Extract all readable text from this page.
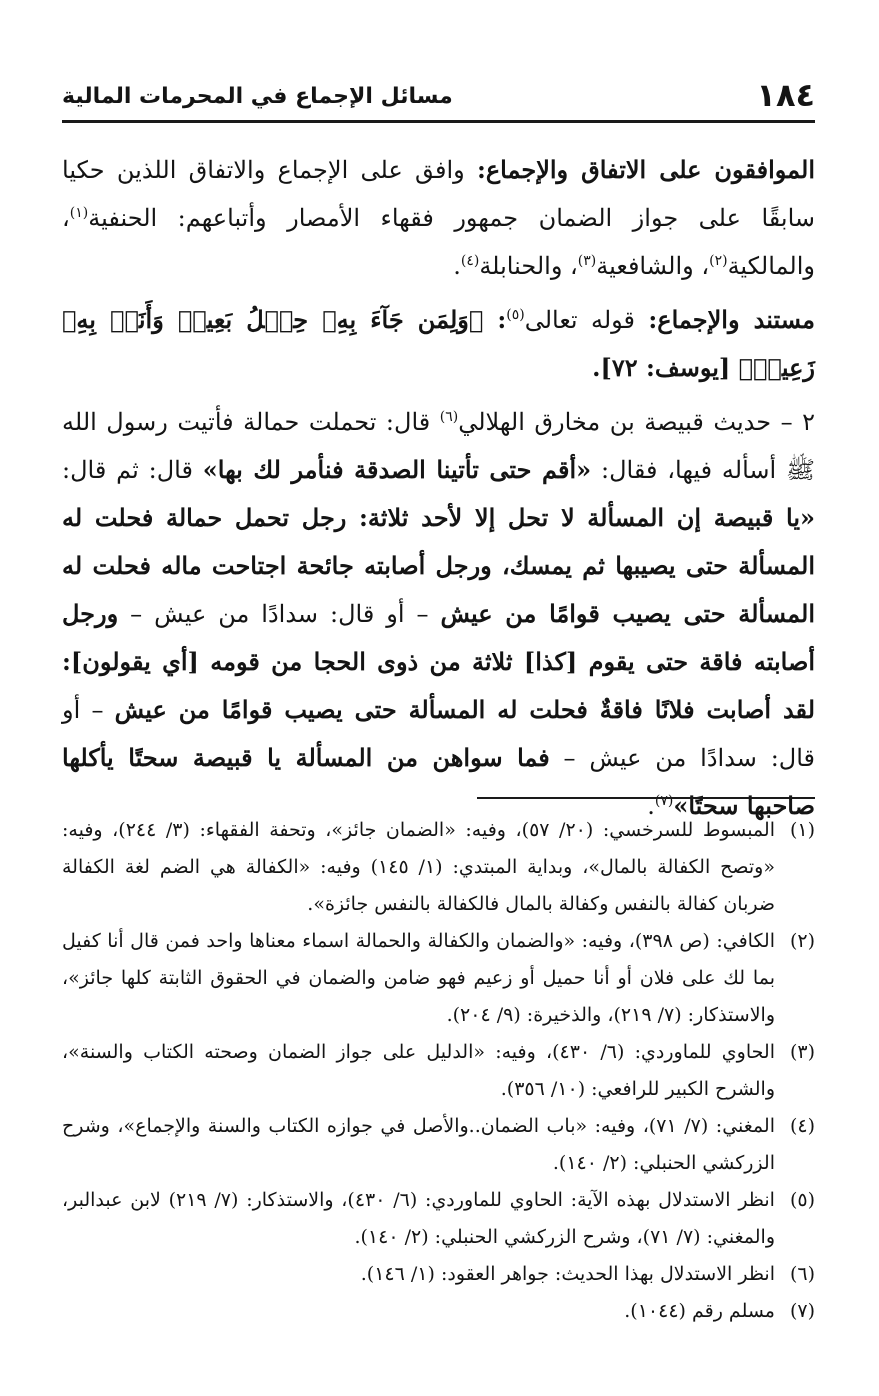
١٨٤
مسائل الإجماع في المحرمات المالية

الموافقون على الاتفاق والإجماع: وافق على الإجماع والاتفاق اللذين حكيا سابقًا على جواز الضمان جمهور فقهاء الأمصار وأتباعهم: الحنفية$^{(١)}$، والمالكية$^{(٢)}$، والشافعية$^{(٣)}$، والحنابلة$^{(٤)}$.

مستند والإجماع: قوله تعالى$^{(٥)}$: ﴿وَلِمَن جَآءَ بِهِۦ حِمۡلُ بَعِيرٖ وَأَنَا۠ بِهِۦ زَعِيمٞ﴾ [يوسف: ٧٢].

٢ – حديث قبيصة بن مخارق الهلالي$^{(٦)}$ قال: تحملت حمالة فأتيت رسول الله ﷺ أسأله فيها، فقال: «أقم حتى تأتينا الصدقة فنأمر لك بها» قال: ثم قال: «يا قبيصة إن المسألة لا تحل إلا لأحد ثلاثة: رجل تحمل حمالة فحلت له المسألة حتى يصيبها ثم يمسك، ورجل أصابته جائحة اجتاحت ماله فحلت له المسألة حتى يصيب قوامًا من عيش – أو قال: سدادًا من عيش – ورجل أصابته فاقة حتى يقوم [كذا] ثلاثة من ذوى الحجا من قومه [أي يقولون]: لقد أصابت فلانًا فاقةٌ فحلت له المسألة حتى يصيب قوامًا من عيش – أو قال: سدادًا من عيش – فما سواهن من المسألة يا قبيصة سحتًا يأكلها صاحبها سحتًا»$^{(٧)}$.

(١)
المبسوط للسرخسي: (٢٠/ ٥٧)، وفيه: «الضمان جائز»، وتحفة الفقهاء: (٣/ ٢٤٤)، وفيه: «وتصح الكفالة بالمال»، وبداية المبتدي: (١/ ١٤٥) وفيه: «الكفالة هي الضم لغة الكفالة ضربان كفالة بالنفس وكفالة بالمال فالكفالة بالنفس جائزة».

(٢)
الكافي: (ص ٣٩٨)، وفيه: «والضمان والكفالة والحمالة اسماء معناها واحد فمن قال أنا كفيل بما لك على فلان أو أنا حميل أو زعيم فهو ضامن والضمان في الحقوق الثابتة كلها جائز»، والاستذكار: (٧/ ٢١٩)، والذخيرة: (٩/ ٢٠٤).

(٣)
الحاوي للماوردي: (٦/ ٤٣٠)، وفيه: «الدليل على جواز الضمان وصحته الكتاب والسنة»، والشرح الكبير للرافعي: (١٠/ ٣٥٦).

(٤)
المغني: (٧/ ٧١)، وفيه: «باب الضمان..والأصل في جوازه الكتاب والسنة والإجماع»، وشرح الزركشي الحنبلي: (٢/ ١٤٠).

(٥)
انظر الاستدلال بهذه الآية: الحاوي للماوردي: (٦/ ٤٣٠)، والاستذكار: (٧/ ٢١٩) لابن عبدالبر، والمغني: (٧/ ٧١)، وشرح الزركشي الحنبلي: (٢/ ١٤٠).

(٦)
انظر الاستدلال بهذا الحديث: جواهر العقود: (١/ ١٤٦).

(٧)
مسلم رقم (١٠٤٤).
